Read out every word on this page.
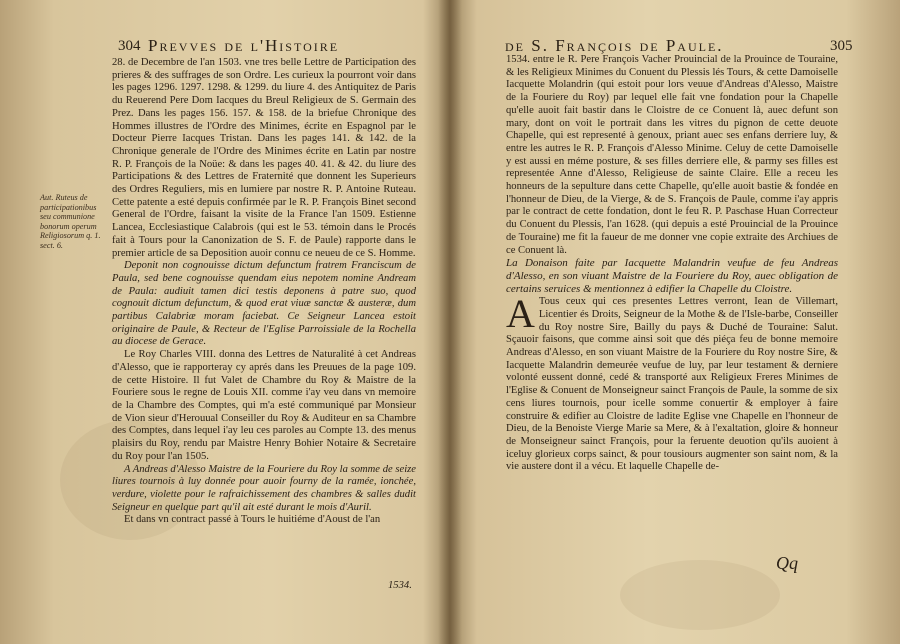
304 Prevves de l'Histoire
Aut. Ruteus de participationibus seu communione bonorum operum Religiosorum q. 1. sect. 6.

28. de Decembre de l'an 1503. vne tres belle Lettre de Participation des prieres & des suffrages de son Ordre. Les curieux la pourront voir dans les pages 1296. 1297. 1298. & 1299. du liure 4. des Antiquitez de Paris du Reuerend Pere Dom Iacques du Breul Religieux de S. Germain des Prez. Dans les pages 156. 157. & 158. de la briefue Chronique des Hommes illustres de l'Ordre des Minimes, écrite en Espagnol par le Docteur Pierre Iacques Tristan. Dans les pages 141. & 142. de la Chronique generale de l'Ordre des Minimes écrite en Latin par nostre R. P. François de la Noüe: & dans les pages 40. 41. & 42. du liure des Participations & des Lettres de Fraternité que donnent les Superieurs des Ordres Reguliers, mis en lumiere par nostre R. P. Antoine Ruteau. Cette patente a esté depuis confirmée par le R. P. François Binet second General de l'Ordre, faisant la visite de la France l'an 1509. Estienne Lancea, Ecclesiastique Calabrois (qui est le 53. témoin dans le Procés fait à Tours pour la Canonization de S. F. de Paule) rapporte dans le premier article de sa Deposition auoir connu ce neueu de ce S. Homme.

Deponit non cognouisse dictum defunctum fratrem Franciscum de Paula, sed bene cognouisse quendam eius nepotem nomine Andream de Paula: audiuit tamen dici testis deponens à patre suo, quod cognouit dictum defunctum, & quod erat viuæ sanctæ & austeræ, dum partibus Calabriæ moram faciebat. Ce Seigneur Lancea estoit originaire de Paule, & Recteur de l'Eglise Parroissiale de la Rochella au diocese de Gerace.

Le Roy Charles VIII. donna des Lettres de Naturalité à cet Andreas d'Alesso, que ie rapporteray cy aprés dans les Preuues de la page 109. de cette Histoire. Il fut Valet de Chambre du Roy & Maistre de la Fouriere sous le regne de Louis XII. comme i'ay veu dans vn memoire de la Chambre des Comptes, qui m'a esté communiqué par Monsieur de Vion sieur d'Herouual Conseiller du Roy & Auditeur en sa Chambre des Comptes, dans lequel i'ay leu ces paroles au Compte 13. des menus plaisirs du Roy, rendu par Maistre Henry Bohier Notaire & Secretaire du Roy pour l'an 1505.

A Andreas d'Alesso Maistre de la Fouriere du Roy la somme de seize liures tournois à luy donnée pour auoir fourny de la ramée, ionchée, verdure, violette pour le rafraichissement des chambres & salles dudit Seigneur en quelque part qu'il ait esté durant le mois d'Auril.

Et dans vn contract passé à Tours le huitiéme d'Aoust de l'an

1534.
de S. François de Paule.	305

1534. entre le R. Pere François Vacher Prouincial de la Prouince de Touraine, & les Religieux Minimes du Conuent du Plessis lés Tours, & cette Damoiselle Iacquette Molandrin (qui estoit pour lors veuue d'Andreas d'Alesso, Maistre de la Fouriere du Roy) par lequel elle fait vne fondation pour la Chapelle qu'elle auoit fait bastir dans le Cloistre de ce Conuent là, auec defunt son mary, dont on voit le portrait dans les vitres du pignon de cette deuote Chapelle, qui est representé à genoux, priant auec ses enfans derriere luy, & entre les autres le R. P. François d'Alesso Minime. Celuy de cette Damoiselle y est aussi en méme posture, & ses filles derriere elle, & parmy ses filles est representée Anne d'Alesso, Religieuse de sainte Claire. Elle a receu les honneurs de la sepulture dans cette Chapelle, qu'elle auoit bastie & fondée en l'honneur de Dieu, de la Vierge, & de S. François de Paule, comme i'ay appris par le contract de cette fondation, dont le feu R. P. Paschase Huan Correcteur du Conuent du Plessis, l'an 1628. (qui depuis a esté Prouincial de la Prouince de Touraine) me fit la faueur de me donner vne copie extraite des Archiues de ce Conuent là.

La Donaison faite par Iacquette Malandrin veufue de feu Andreas d'Alesso, en son viuant Maistre de la Fouriere du Roy, auec obligation de certains seruices & mentionnez à edifier la Chapelle du Cloistre.

A Tous ceux qui ces presentes Lettres verront, Iean de Villemart, Licentier és Droits, Seigneur de la Mothe & de l'Isle-barbe, Conseiller du Roy nostre Sire, Bailly du pays & Duché de Touraine: Salut. Sçauoir faisons, que comme ainsi soit que dés piéça feu de bonne memoire Andreas d'Alesso, en son viuant Maistre de la Fouriere du Roy nostre Sire, & Iacquette Malandrin demeurée veufue de luy, par leur testament & derniere volonté eussent donné, cedé & transporté aux Religieux Freres Minimes de l'Eglise & Conuent de Monseigneur sainct François de Paule, la somme de six cens liures tournois, pour icelle somme conuertir & employer à faire construire & edifier au Cloistre de ladite Eglise vne Chapelle en l'honneur de Dieu, de la Benoiste Vierge Marie sa Mere, & à l'exaltation, gloire & honneur de Monseigneur sainct François, pour la feruente deuotion qu'ils auoient à iceluy glorieux corps sainct, & pour tousiours augmenter son saint nom, & la vie austere dont il a vécu. Et laquelle Chapelle de-

Qq
